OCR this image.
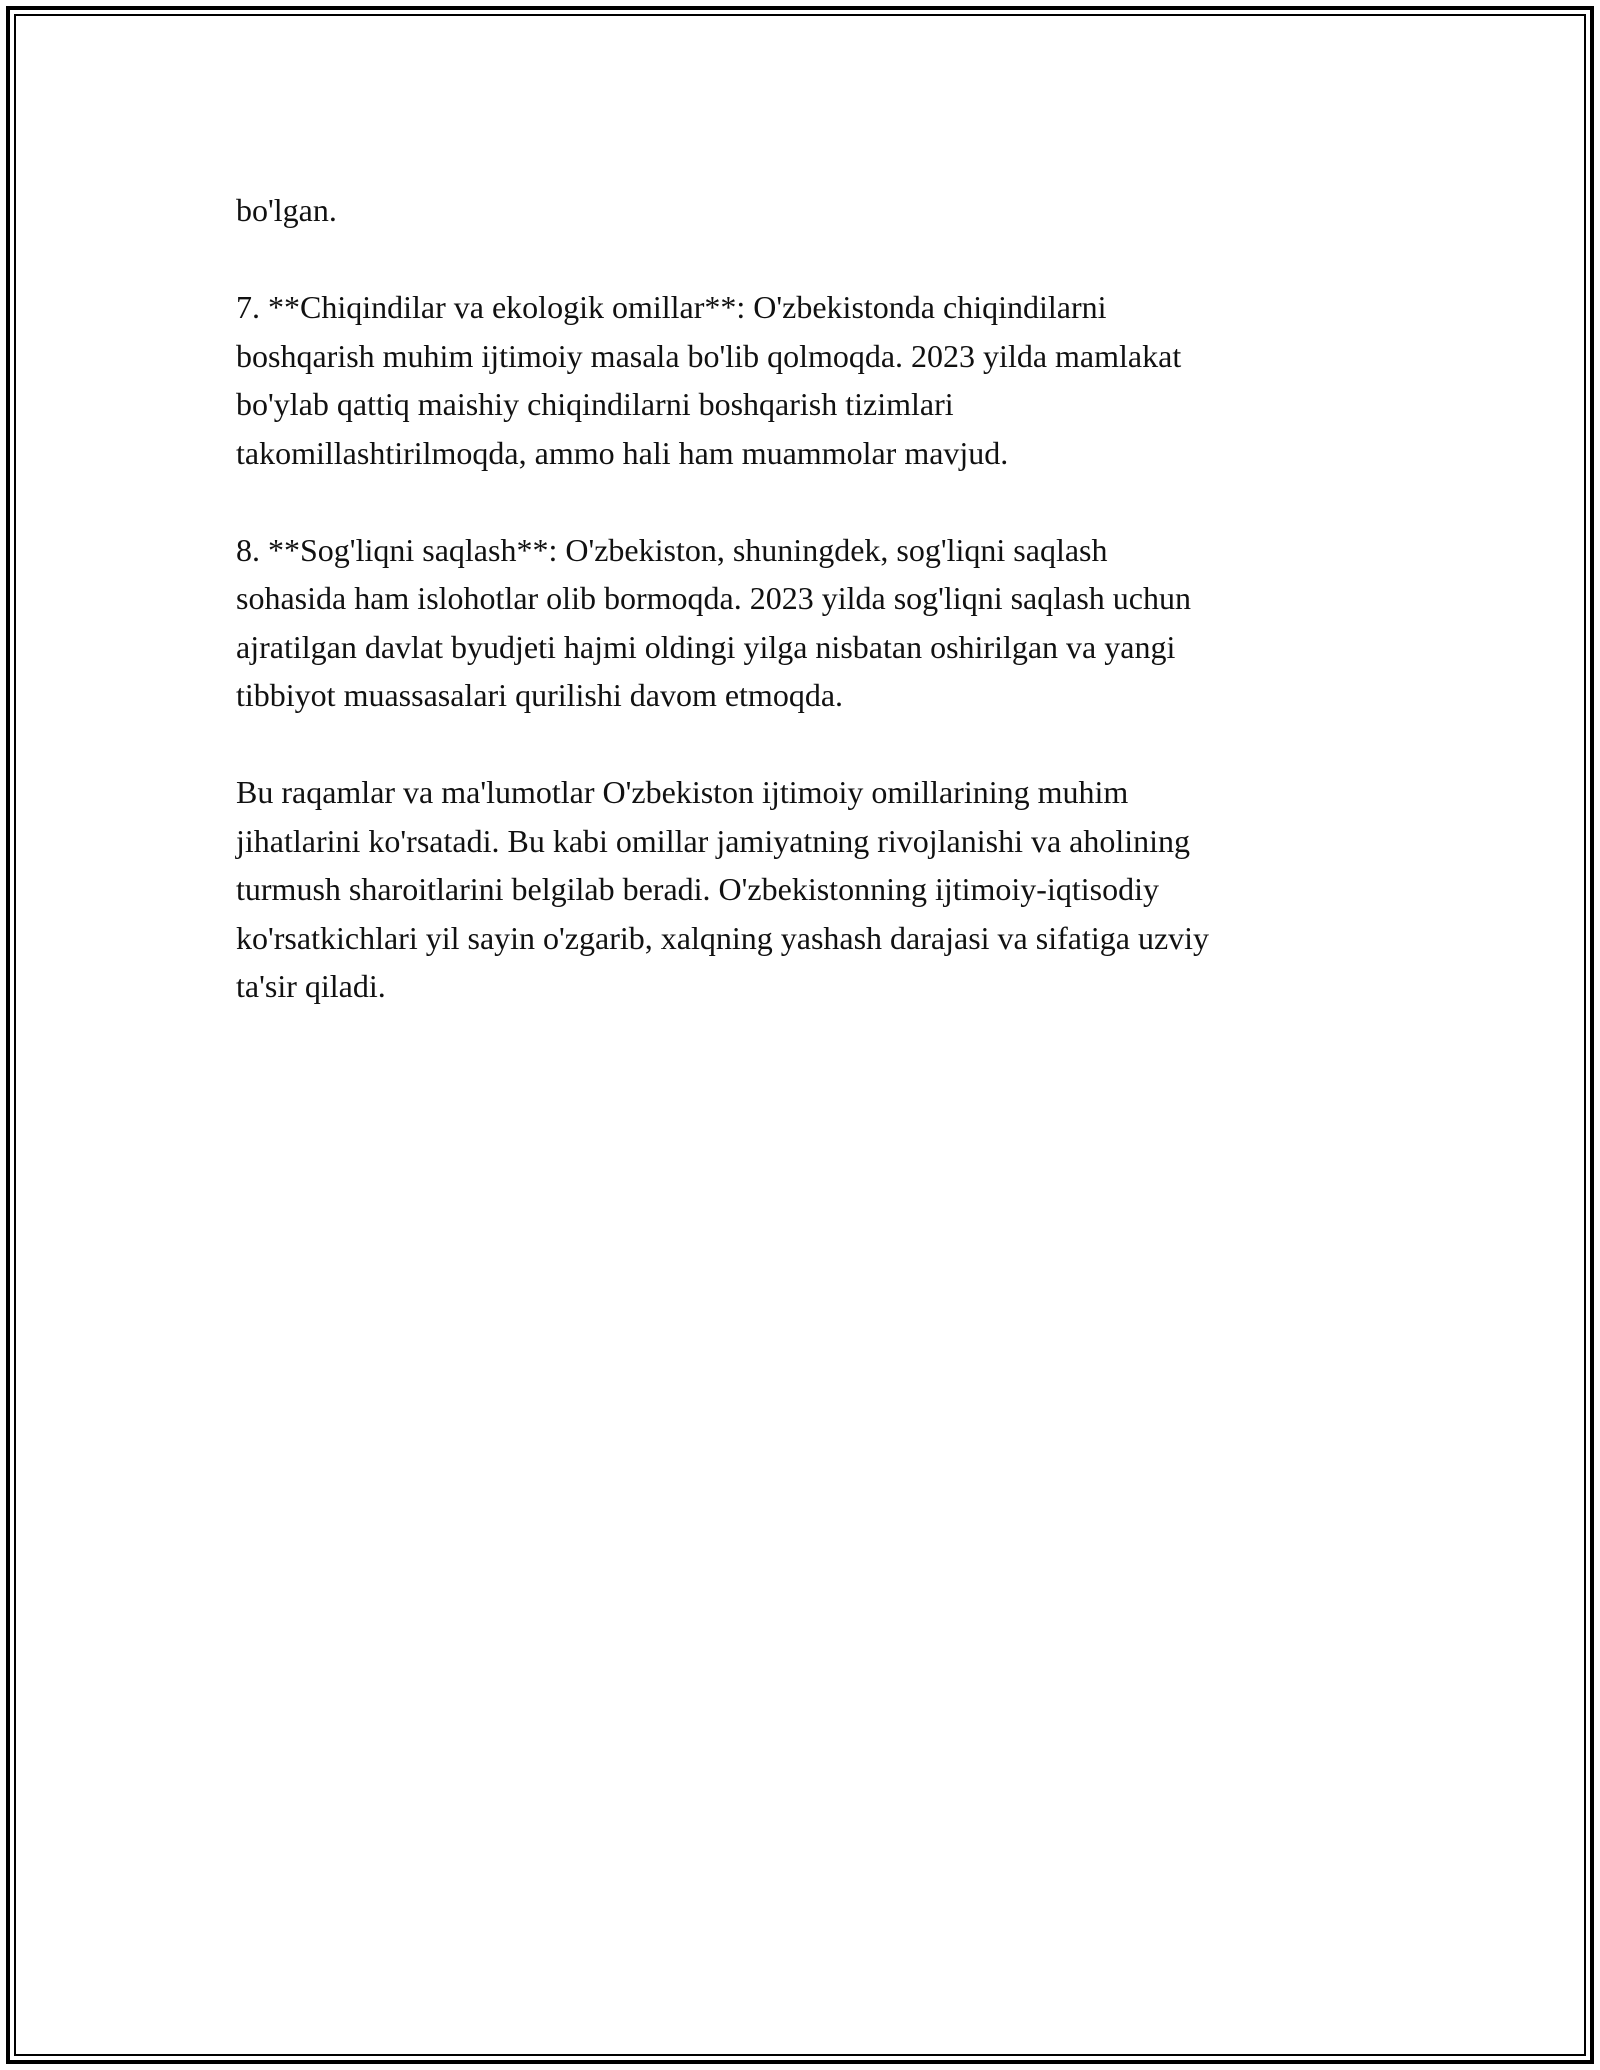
bo'lgan.

7. **Chiqindilar va ekologik omillar**: O'zbekistonda chiqindilarni
boshqarish muhim ijtimoiy masala bo'lib qolmoqda. 2023 yilda mamlakat
bo'ylab qattiq maishiy chiqindilarni boshqarish tizimlari
takomillashtirilmoqda, ammo hali ham muammolar mavjud.

8. **Sog'liqni saqlash**: O'zbekiston, shuningdek, sog'liqni saqlash
sohasida ham islohotlar olib bormoqda. 2023 yilda sog'liqni saqlash uchun
ajratilgan davlat byudjeti hajmi oldingi yilga nisbatan oshirilgan va yangi
tibbiyot muassasalari qurilishi davom etmoqda.

Bu raqamlar va ma'lumotlar O'zbekiston ijtimoiy omillarining muhim
jihatlarini ko'rsatadi. Bu kabi omillar jamiyatning rivojlanishi va aholining
turmush sharoitlarini belgilab beradi. O'zbekistonning ijtimoiy-iqtisodiy
ko'rsatkichlari yil sayin o'zgarib, xalqning yashash darajasi va sifatiga uzviy
ta'sir qiladi.
